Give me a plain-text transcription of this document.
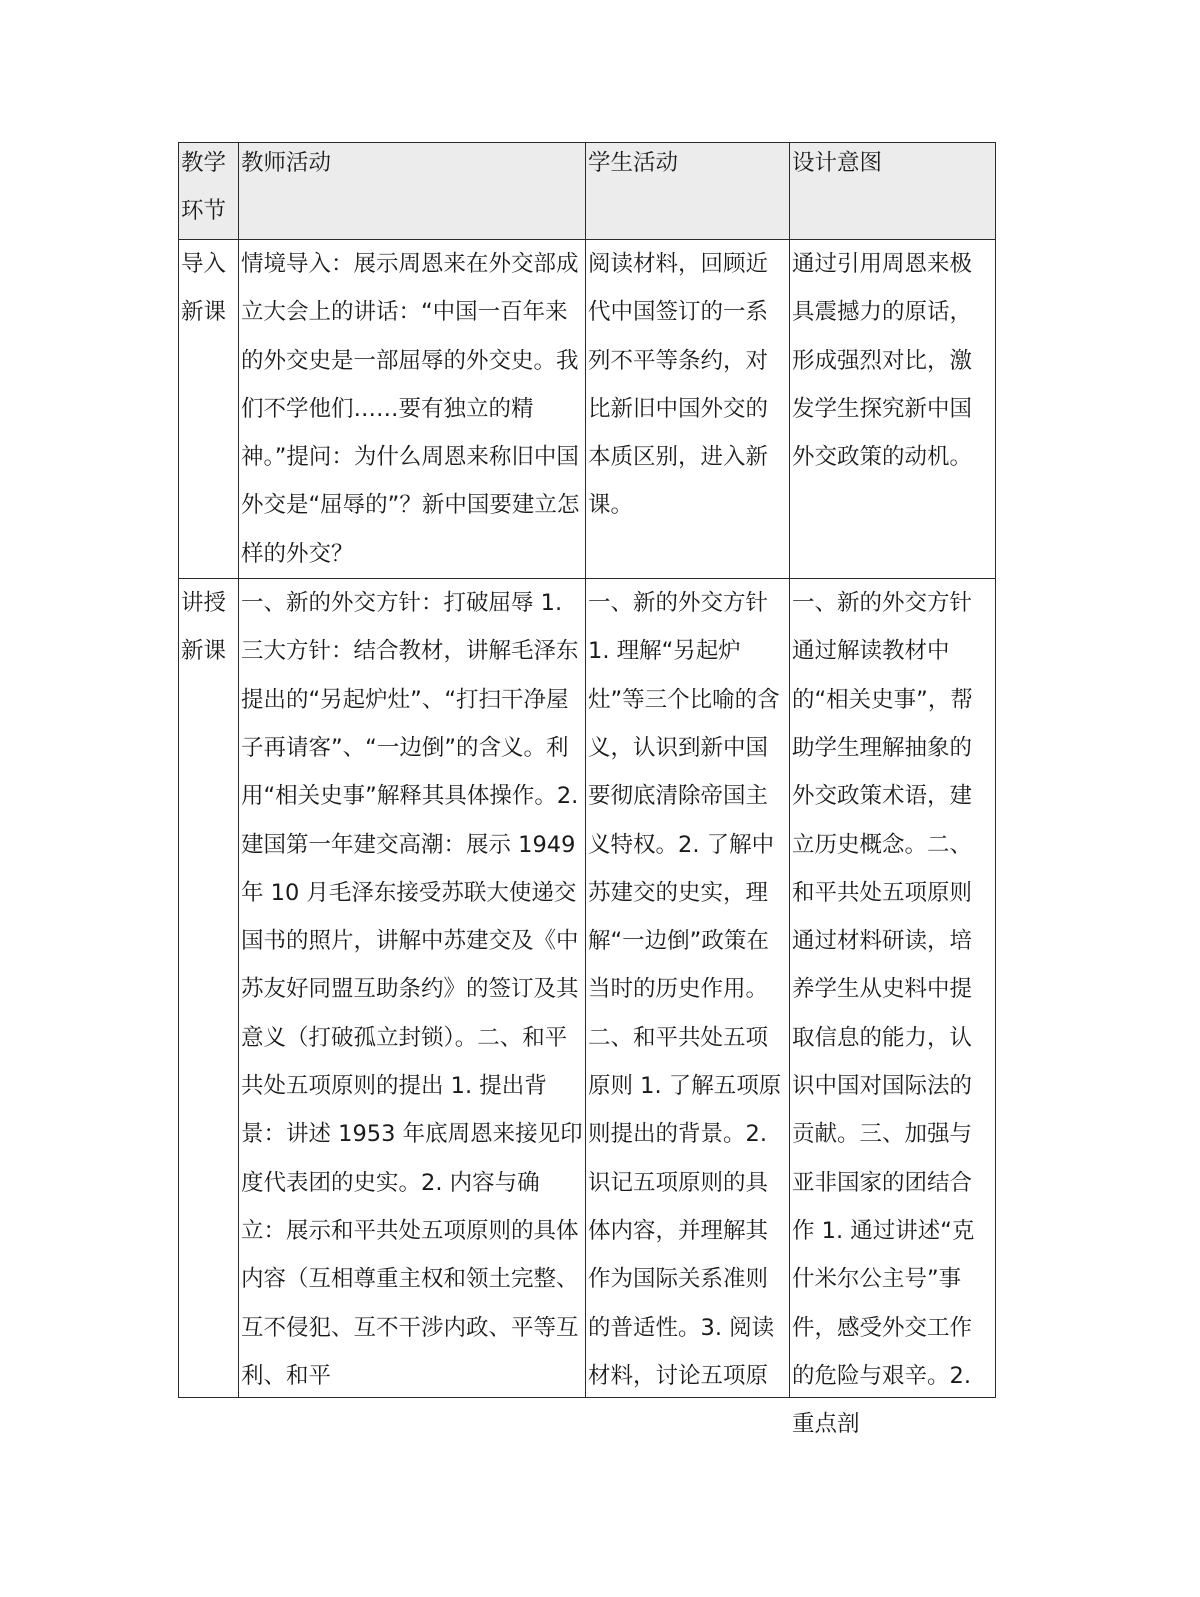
教学环节	教师活动	学生活动	设计意图

导入新课	情境导入：展示周恩来在外交部成立大会上的讲话：“中国一百年来的外交史是一部屈辱的外交史。我们不学他们……要有独立的精神。”提问：为什么周恩来称旧中国外交是“屈辱的”？新中国要建立怎样的外交？	阅读材料，回顾近代中国签订的一系列不平等条约，对比新旧中国外交的本质区别，进入新课。	通过引用周恩来极具震撼力的原话，形成强烈对比，激发学生探究新中国外交政策的动机。

讲授新课	一、新的外交方针：打破屈辱 1. 三大方针：结合教材，讲解毛泽东提出的“另起炉灶”、“打扫干净屋子再请客”、“一边倒”的含义。利用“相关史事”解释其具体操作。2. 建国第一年建交高潮：展示 1949 年 10 月毛泽东接受苏联大使递交国书的照片，讲解中苏建交及《中苏友好同盟互助条约》的签订及其意义（打破孤立封锁）。二、和平共处五项原则的提出 1. 提出背景：讲述 1953 年底周恩来接见印度代表团的史实。2. 内容与确立：展示和平共处五项原则的具体内容（互相尊重主权和领土完整、互不侵犯、互不干涉内政、平等互利、和平	一、新的外交方针 1. 理解“另起炉灶”等三个比喻的含义，认识到新中国要彻底清除帝国主义特权。2. 了解中苏建交的史实，理解“一边倒”政策在当时的历史作用。二、和平共处五项原则 1. 了解五项原则提出的背景。2. 识记五项原则的具体内容，并理解其作为国际关系准则的普适性。3. 阅读材料，讨论五项原	一、新的外交方针通过解读教材中的“相关史事”，帮助学生理解抽象的外交政策术语，建立历史概念。二、和平共处五项原则通过材料研读，培养学生从史料中提取信息的能力，认识中国对国际法的贡献。三、加强与亚非国家的团结合作 1. 通过讲述“克什米尔公主号”事件，感受外交工作的危险与艰辛。2. 重点剖
